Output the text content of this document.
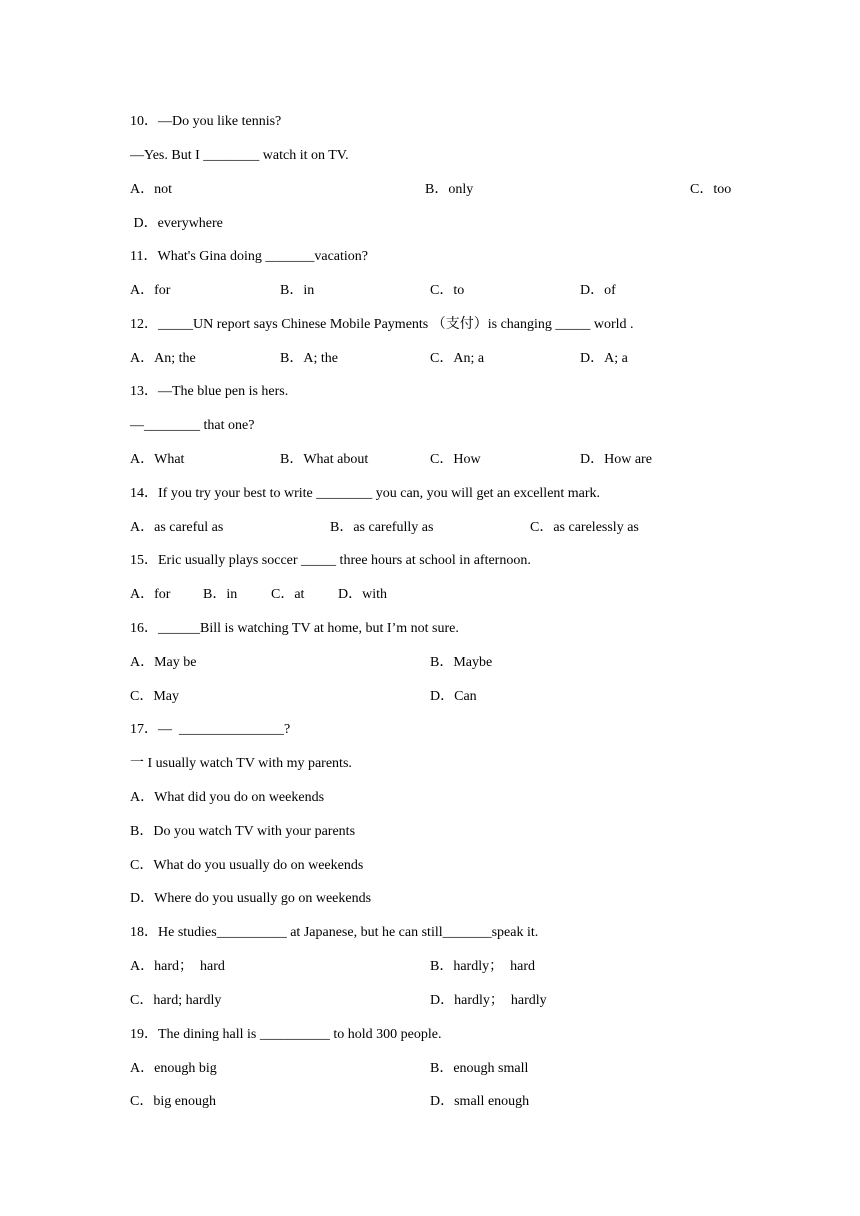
10．—Do you like tennis?
—Yes. But I ________ watch it on TV.
A．not	B．only	C．too
D．everywhere
11．What's Gina doing _______vacation?
A．for	B．in	C．to	D．of
12．_____UN report says Chinese Mobile Payments （支付）is changing _____ world .
A．An; the	B．A; the	C．An; a	D．A; a
13．—The blue pen is hers.
—________ that one?
A．What	B．What about	C．How	D．How are
14．If you try your best to write ________ you can, you will get an excellent mark.
A．as careful as	B．as carefully as	C．as carelessly as
15．Eric usually plays soccer _____ three hours at school in afternoon.
A．for B．in C．at D．with
16．______Bill is watching TV at home, but I’m not sure.
A．May be	B．Maybe
C．May	D．Can
17．—  _______________?
一 I usually watch TV with my parents.
A．What did you do on weekends
B．Do you watch TV with your parents
C．What do you usually do on weekends
D．Where do you usually go on weekends
18．He studies__________ at Japanese, but he can still_______speak it.
A．hard；  hard	B．hardly；  hard
C．hard; hardly	D．hardly；  hardly
19．The dining hall is __________ to hold 300 people.
A．enough big	B．enough small
C．big enough	D．small enough
